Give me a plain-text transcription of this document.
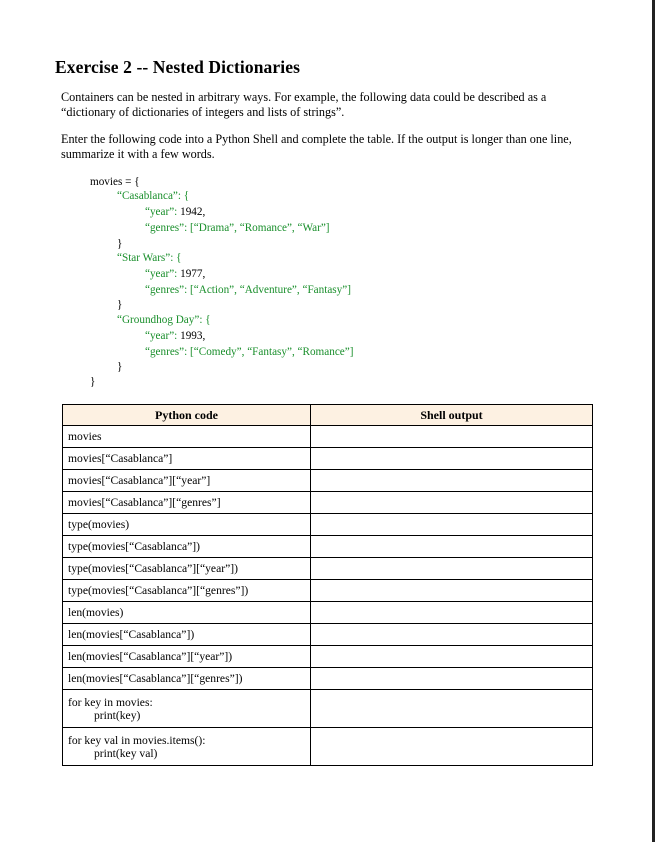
Exercise 2 -- Nested Dictionaries

Containers can be nested in arbitrary ways. For example, the following data could be described as a “dictionary of dictionaries of integers and lists of strings”.

Enter the following code into a Python Shell and complete the table. If the output is longer than one line, summarize it with a few words.

movies = {
“Casablanca”: {
“year”: 1942,
“genres”: [“Drama”, “Romance”, “War”]
}
“Star Wars”: {
“year”: 1977,
“genres”: [“Action”, “Adventure”, “Fantasy”]
}
“Groundhog Day”: {
“year”: 1993,
“genres”: [“Comedy”, “Fantasy”, “Romance”]
}
}
Python code	Shell output
movies	
movies[“Casablanca”]	
movies[“Casablanca”][“year”]	
movies[“Casablanca”][“genres”]	
type(movies)	
type(movies[“Casablanca”])	
type(movies[“Casablanca”][“year”])	
type(movies[“Casablanca”][“genres”])	
len(movies)	
len(movies[“Casablanca”])	
len(movies[“Casablanca”][“year”])	
len(movies[“Casablanca”][“genres”])	
for key in movies:
print(key)	

for key val in movies.items():
print(key val)	
